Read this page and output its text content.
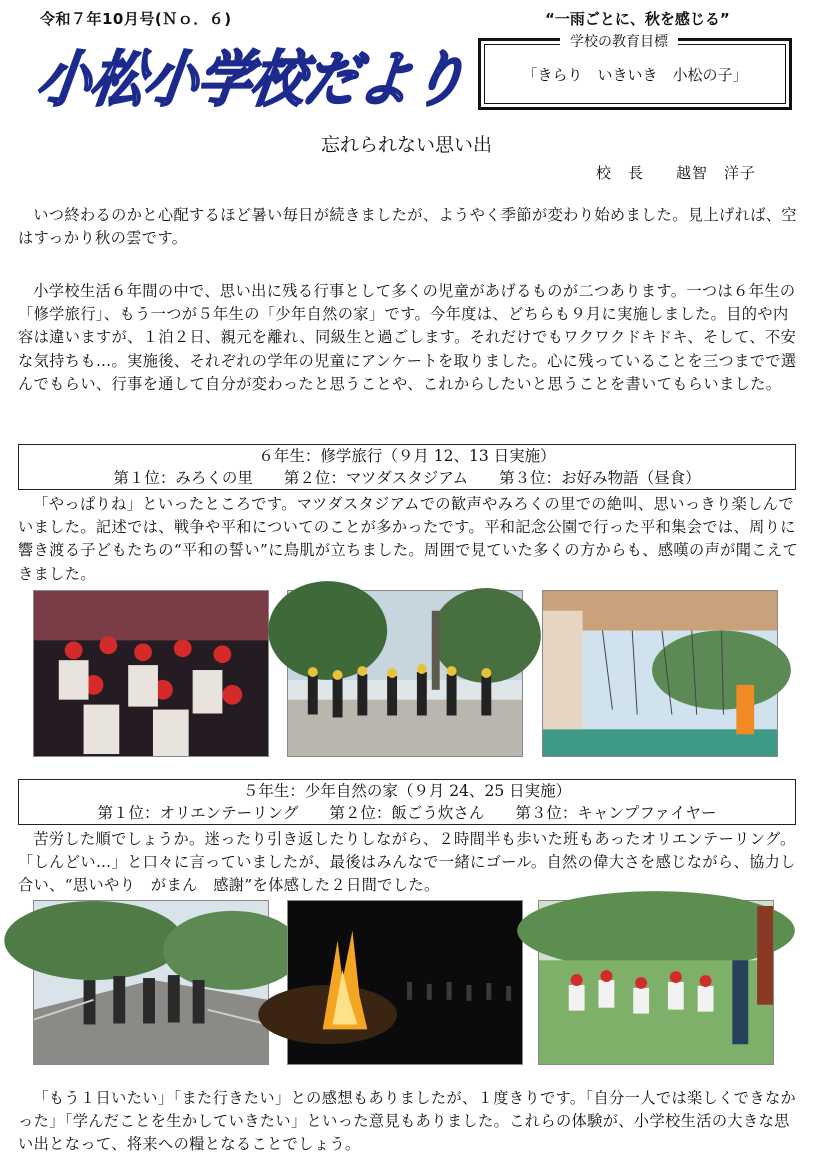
令和７年10月号(Ｎｏ．６)	“一雨ごとに、秋を感じる”
小松小学校だより
学校の教育目標
「きらり　いきいき　小松の子」
忘れられない思い出
校　長　　越智　洋子

いつ終わるのかと心配するほど暑い毎日が続きましたが、ようやく季節が変わり始めました。見上げれば、空はすっかり秋の雲です。

小学校生活６年間の中で、思い出に残る行事として多くの児童があげるものが二つあります。一つは６年生の「修学旅行」、もう一つが５年生の「少年自然の家」です。今年度は、どちらも９月に実施しました。目的や内容は違いますが、１泊２日、親元を離れ、同級生と過ごします。それだけでもワクワクドキドキ、そして、不安な気持ちも…。実施後、それぞれの学年の児童にアンケートを取りました。心に残っていることを三つまでで選んでもらい、行事を通して自分が変わったと思うことや、これからしたいと思うことを書いてもらいました。

６年生：修学旅行（９月 12、13 日実施）
第１位：みろくの里　　第２位：マツダスタジアム　　第３位：お好み物語（昼食）

「やっぱりね」といったところです。マツダスタジアムでの歓声やみろくの里での絶叫、思いっきり楽しんでいました。記述では、戦争や平和についてのことが多かったです。平和記念公園で行った平和集会では、周りに響き渡る子どもたちの“平和の誓い”に鳥肌が立ちました。周囲で見ていた多くの方からも、感嘆の声が聞こえてきました。

５年生：少年自然の家（９月 24、25 日実施）
第１位：オリエンテーリング　　第２位：飯ごう炊さん　　第３位：キャンプファイヤー

苦労した順でしょうか。迷ったり引き返したりしながら、２時間半も歩いた班もあったオリエンテーリング。「しんどい…」と口々に言っていましたが、最後はみんなで一緒にゴール。自然の偉大さを感じながら、協力し合い、“思いやり　がまん　感謝”を体感した２日間でした。

「もう１日いたい」「また行きたい」との感想もありましたが、１度きりです。「自分一人では楽しくできなかった」「学んだことを生かしていきたい」といった意見もありました。これらの体験が、小学校生活の大きな思い出となって、将来への糧となることでしょう。
